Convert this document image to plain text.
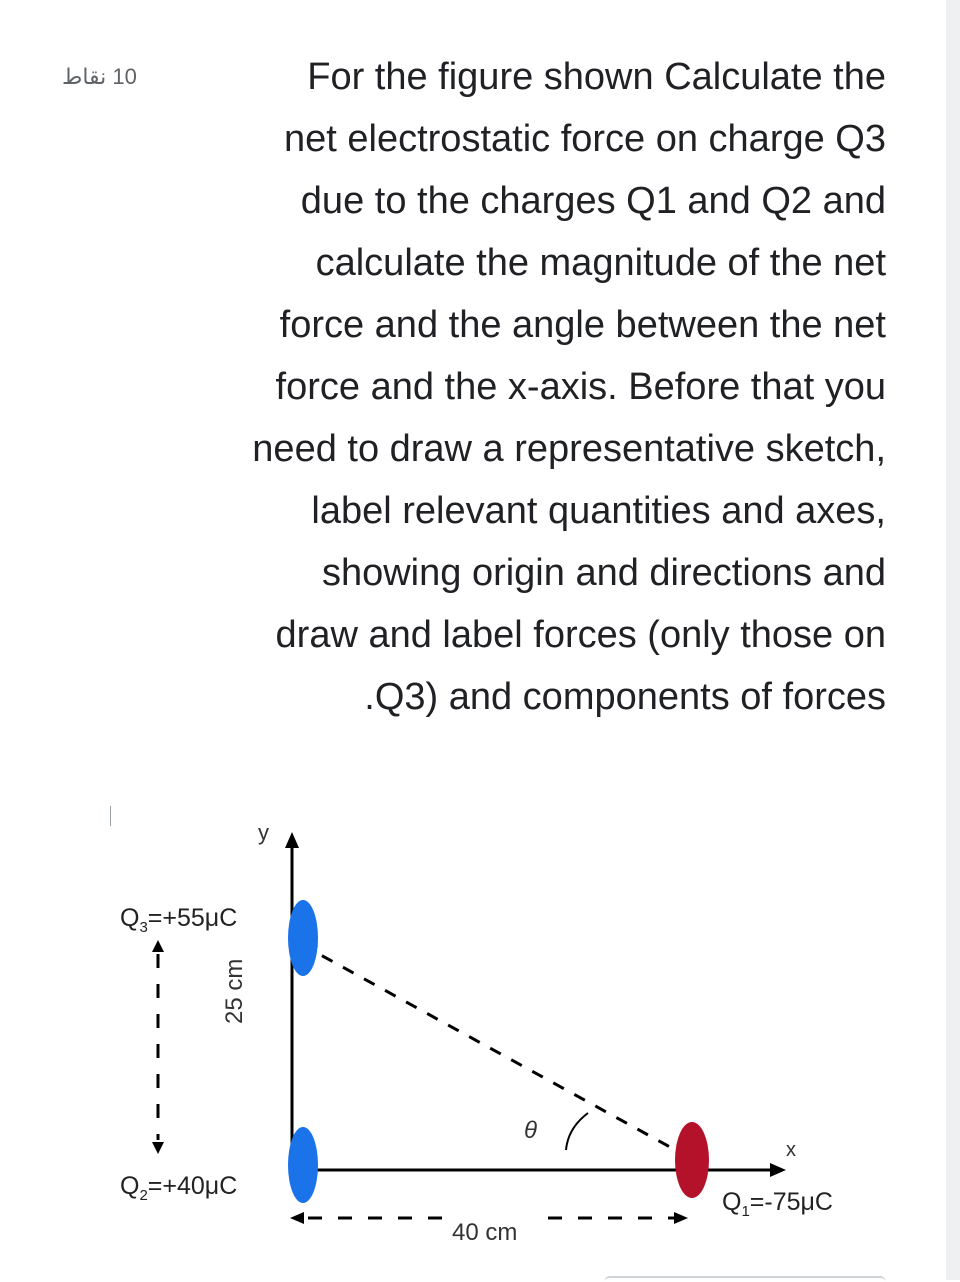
10 نقاط	For the figure shown Calculate the
net electrostatic force on charge Q3
due to the charges Q1 and Q2 and
calculate the magnitude of the net
force and the angle between the net
force and the x-axis. Before that you
need to draw a representative sketch,
label relevant quantities and axes,
showing origin and directions and
draw and label forces (only those on
.Q3) and components of forces
y
x
θ
$Q_3=+55\mu C$
25 cm
$Q_2=+40\mu C$
$Q_1=-75\mu C$
40 cm
